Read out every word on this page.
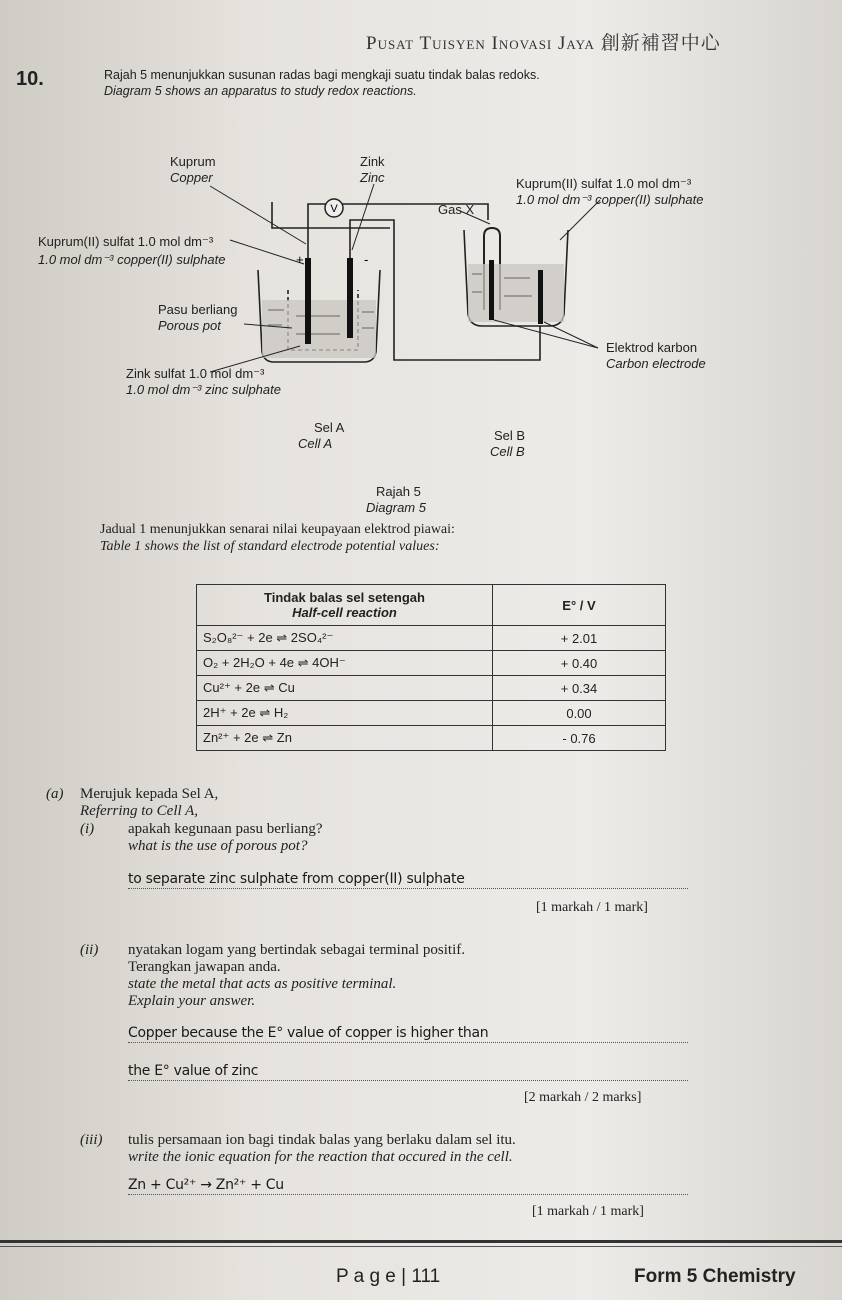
Pusat Tuisyen Inovasi Jaya 創新補習中心
10.	Rajah 5 menunjukkan susunan radas bagi mengkaji suatu tindak balas redoks.
Diagram 5 shows an apparatus to study redox reactions.
V
+	-
Kuprum
Copper
Zink
Zinc
Gas X
Kuprum(II) sulfat 1.0 mol dm⁻³
1.0 mol dm⁻³ copper(II) sulphate
Kuprum(II) sulfat 1.0 mol dm⁻³
1.0 mol dm⁻³ copper(II) sulphate
Pasu berliang
Porous pot
Elektrod karbon
Carbon electrode
Zink sulfat 1.0 mol dm⁻³
1.0 mol dm⁻³ zinc sulphate
Sel A
Cell A
Sel B
Cell B
Rajah 5
Diagram 5
Jadual 1 menunjukkan senarai nilai keupayaan elektrod piawai:
Table 1 shows the list of standard electrode potential values:
Tindak balas sel setengah
Half-cell reaction	E° / V
S₂O₈²⁻ + 2e ⇌ 2SO₄²⁻	+ 2.01
O₂ + 2H₂O + 4e ⇌ 4OH⁻	+ 0.40
Cu²⁺ + 2e ⇌ Cu	+ 0.34
2H⁺ + 2e ⇌ H₂	0.00
Zn²⁺ + 2e ⇌ Zn	- 0.76
(a) Merujuk kepada Sel A,
Referring to Cell A,
(i) apakah kegunaan pasu berliang?
what is the use of porous pot?
to separate zinc sulphate from copper(II) sulphate
[1 markah / 1 mark]
(ii) nyatakan logam yang bertindak sebagai terminal positif.
Terangkan jawapan anda.
state the metal that acts as positive terminal.
Explain your answer.
Copper because the E° value of copper is higher than
the E° value of zinc
[2 markah / 2 marks]
(iii) tulis persamaan ion bagi tindak balas yang berlaku dalam sel itu.
write the ionic equation for the reaction that occured in the cell.
Zn + Cu²⁺ → Zn²⁺ + Cu
[1 markah / 1 mark]
P a g e | 111	Form 5 Chemistry
